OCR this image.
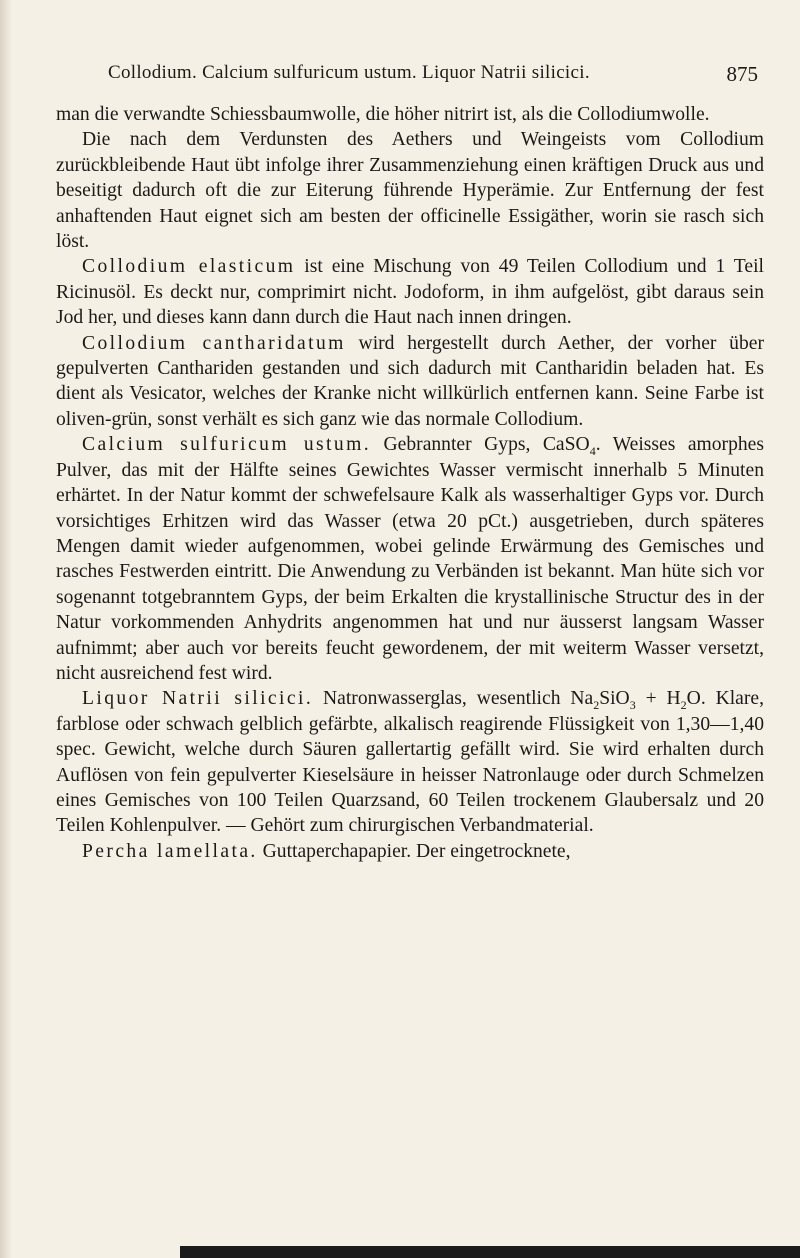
Collodium. Calcium sulfuricum ustum. Liquor Natrii silicici.	875

man die verwandte Schiessbaumwolle, die höher nitrirt ist, als die Collodiumwolle.

Die nach dem Verdunsten des Aethers und Weingeists vom Collodium zurückbleibende Haut übt infolge ihrer Zusammenziehung einen kräftigen Druck aus und beseitigt dadurch oft die zur Eiterung führende Hyperämie. Zur Entfernung der fest anhaftenden Haut eignet sich am besten der officinelle Essigäther, worin sie rasch sich löst.

Collodium elasticum ist eine Mischung von 49 Teilen Collodium und 1 Teil Ricinusöl. Es deckt nur, comprimirt nicht. Jodoform, in ihm aufgelöst, gibt daraus sein Jod her, und dieses kann dann durch die Haut nach innen dringen.

Collodium cantharidatum wird hergestellt durch Aether, der vorher über gepulverten Canthariden gestanden und sich dadurch mit Cantharidin beladen hat. Es dient als Vesicator, welches der Kranke nicht willkürlich entfernen kann. Seine Farbe ist oliven-grün, sonst verhält es sich ganz wie das normale Collodium.

Calcium sulfuricum ustum. Gebrannter Gyps, CaSO$_4$. Weisses amorphes Pulver, das mit der Hälfte seines Gewichtes Wasser vermischt innerhalb 5 Minuten erhärtet. In der Natur kommt der schwefelsaure Kalk als wasserhaltiger Gyps vor. Durch vorsichtiges Erhitzen wird das Wasser (etwa 20 pCt.) ausgetrieben, durch späteres Mengen damit wieder aufgenommen, wobei gelinde Erwärmung des Gemisches und rasches Festwerden eintritt. Die Anwendung zu Verbänden ist bekannt. Man hüte sich vor sogenannt totgebranntem Gyps, der beim Erkalten die krystallinische Structur des in der Natur vorkommenden Anhydrits angenommen hat und nur äusserst langsam Wasser aufnimmt; aber auch vor bereits feucht gewordenem, der mit weiterm Wasser versetzt, nicht ausreichend fest wird.

Liquor Natrii silicici. Natronwasserglas, wesentlich $Na_2SiO_3 + H_2O$. Klare, farblose oder schwach gelblich gefärbte, alkalisch reagirende Flüssigkeit von 1,30—1,40 spec. Gewicht, welche durch Säuren gallertartig gefällt wird. Sie wird erhalten durch Auflösen von fein gepulverter Kieselsäure in heisser Natronlauge oder durch Schmelzen eines Gemisches von 100 Teilen Quarzsand, 60 Teilen trockenem Glaubersalz und 20 Teilen Kohlenpulver. — Gehört zum chirurgischen Verbandmaterial.

Percha lamellata. Guttaperchapapier. Der eingetrocknete,
